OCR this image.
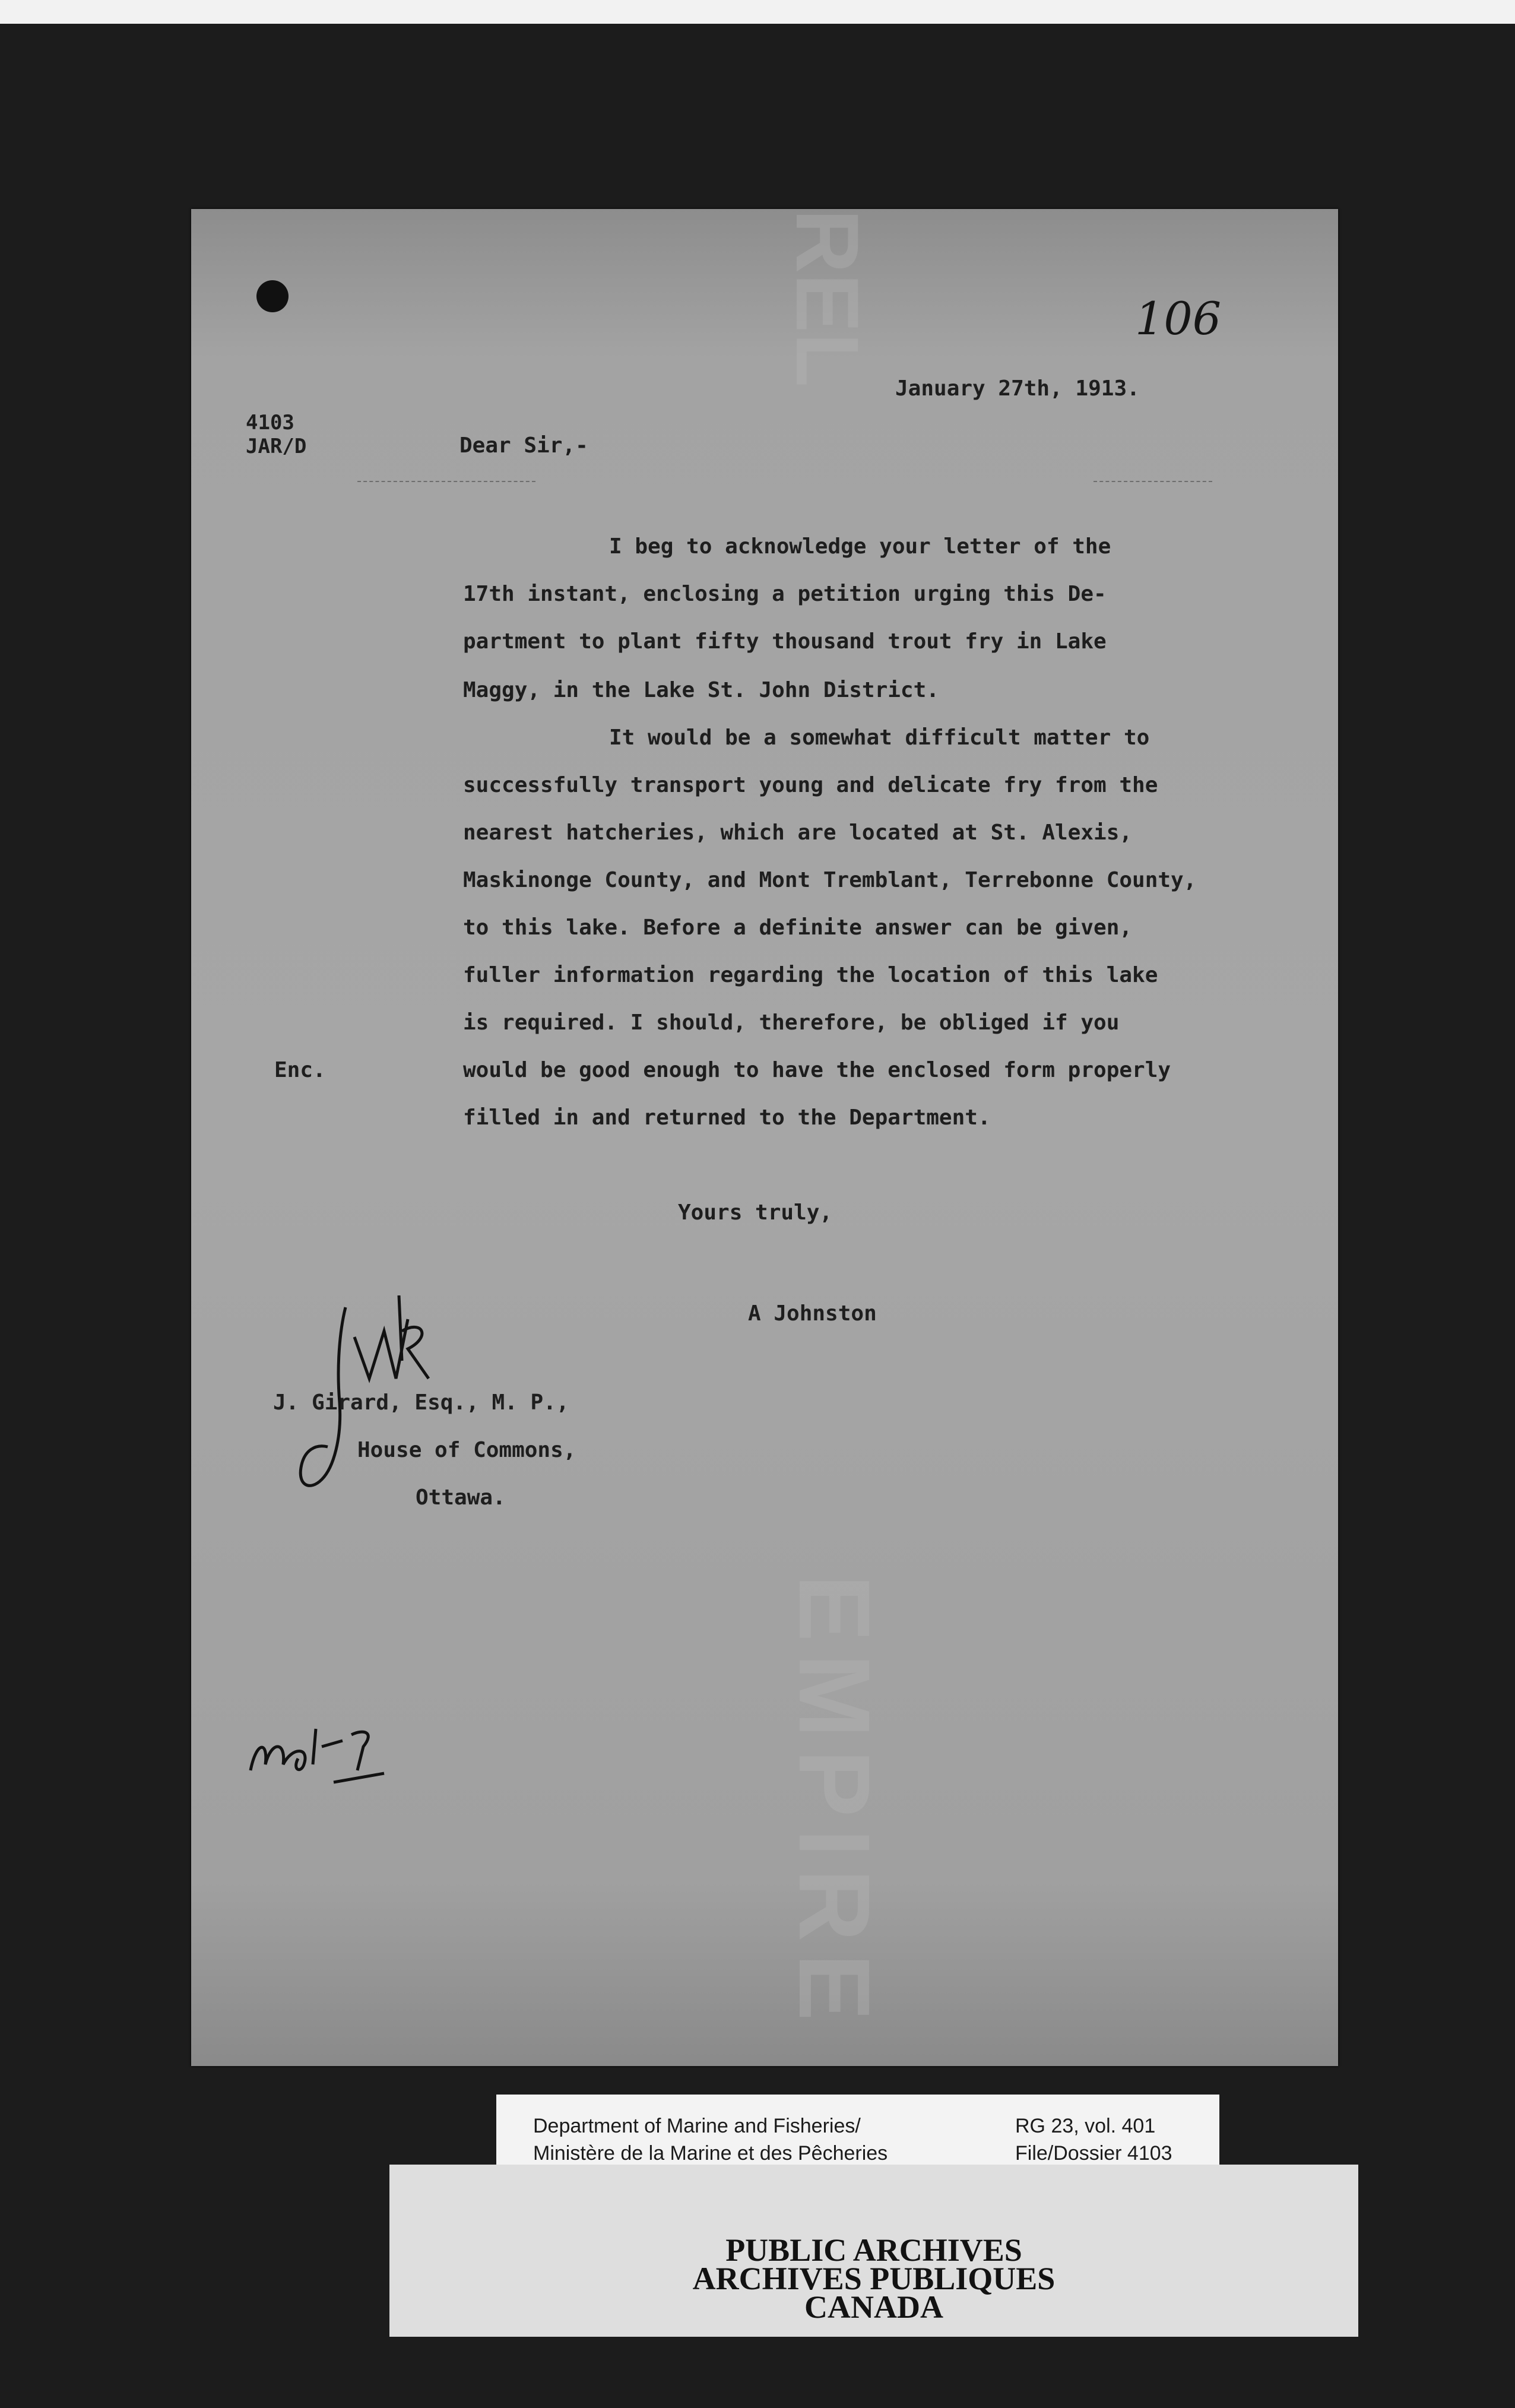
REL
EMPIRE
106
January 27th, 1913.
4103
JAR/D	Dear Sir,-
I beg to acknowledge your letter of the
17th instant, enclosing a petition urging this De-
partment to plant fifty thousand trout fry in Lake
Maggy, in the Lake St. John District.
It would be a somewhat difficult matter to
successfully transport young and delicate fry from the
nearest hatcheries, which are located at St. Alexis,
Maskinonge County, and Mont Tremblant, Terrebonne County,
to this lake. Before a definite answer can be given,
fuller information regarding the location of this lake
is required. I should, therefore, be obliged if you
would be good enough to have the enclosed form properly
filled in and returned to the Department.
Enc.
Yours truly,
A Johnston
J. Girard, Esq., M. P.,
House of Commons,
Ottawa.
Department of Marine and Fisheries/
Ministère de la Marine et des Pêcheries
RG 23, vol. 401
File/Dossier 4103
PUBLIC ARCHIVES
ARCHIVES PUBLIQUES
CANADA
